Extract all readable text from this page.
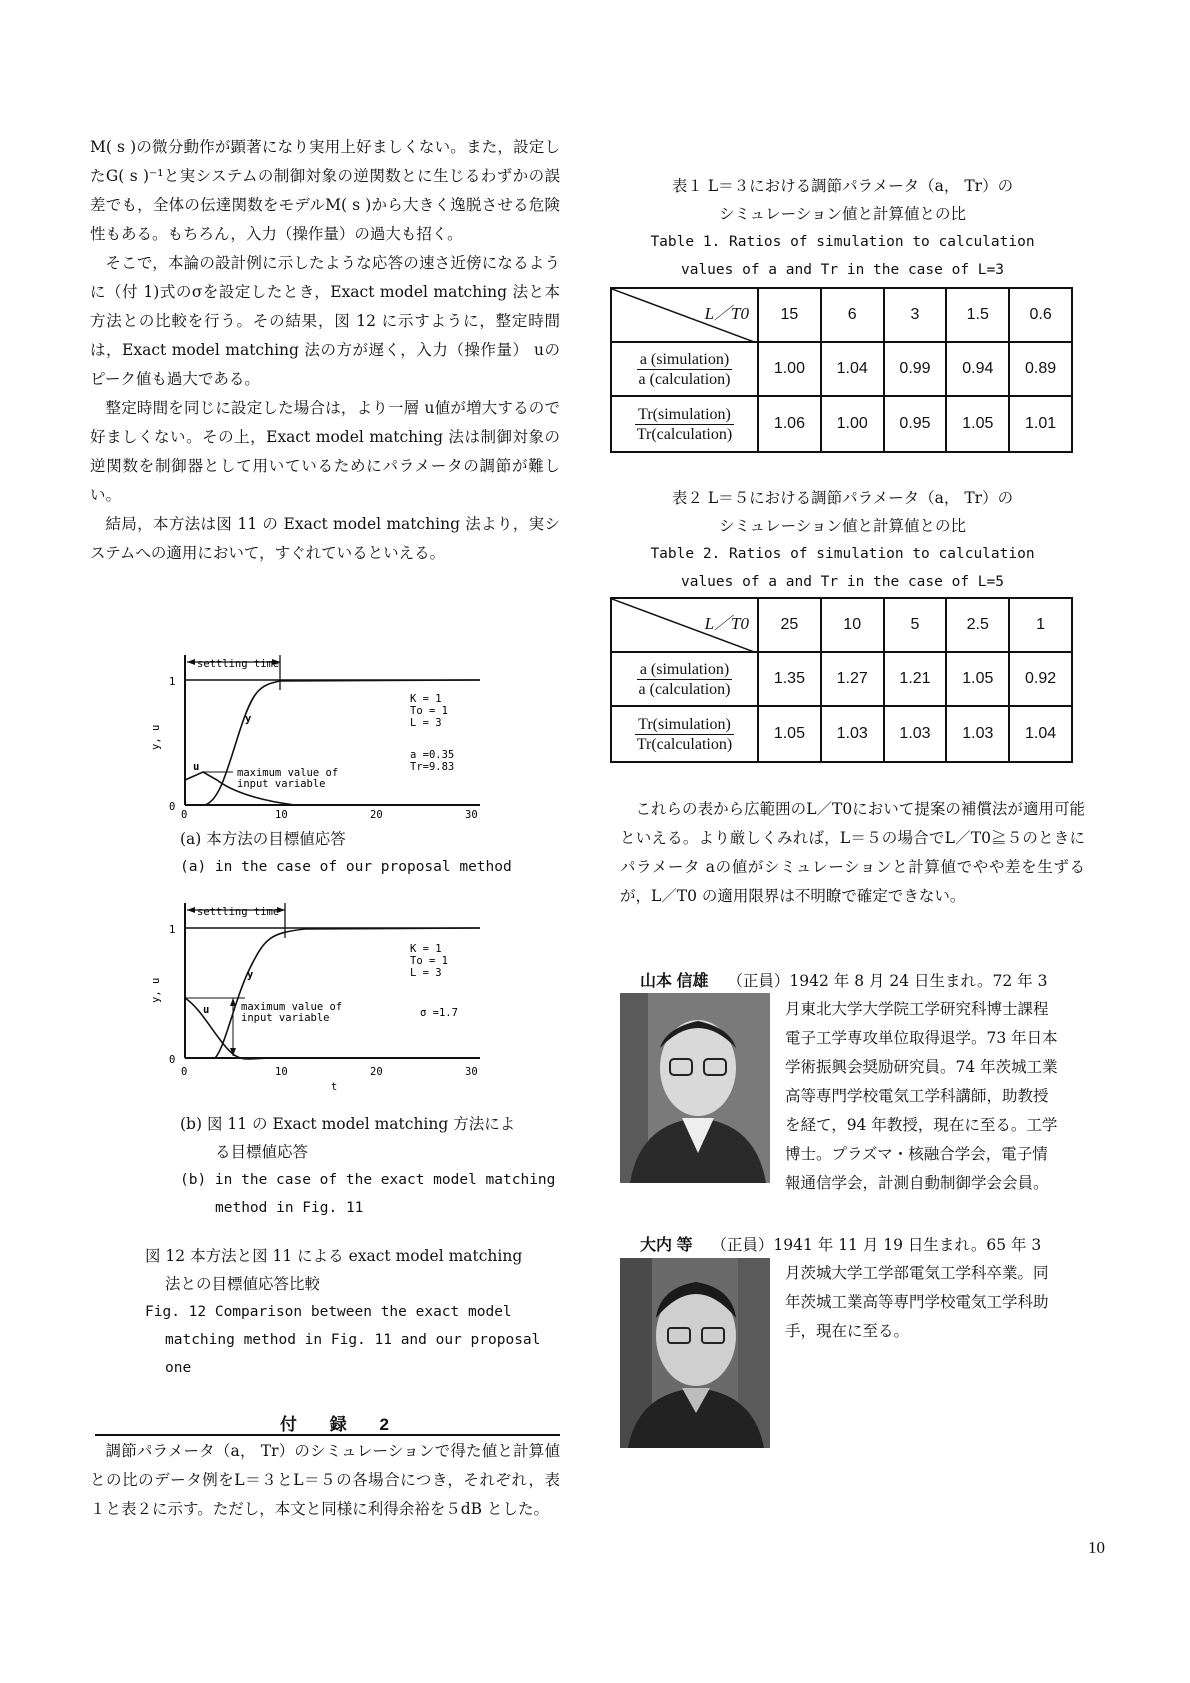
M( s )の微分動作が顕著になり実用上好ましくない。また，設定したG( s )⁻¹と実システムの制御対象の逆関数とに生じるわずかの誤差でも，全体の伝達関数をモデルM( s )から大きく逸脱させる危険性もある。もちろん，入力（操作量）の過大も招く。

そこで，本論の設計例に示したような応答の速さ近傍になるように（付 1)式のσを設定したとき，Exact model matching 法と本方法との比較を行う。その結果，図 12 に示すように，整定時間は，Exact model matching 法の方が遅く，入力（操作量） uのピーク値も過大である。

整定時間を同じに設定した場合は，より一層 u値が増大するので好ましくない。その上，Exact model matching 法は制御対象の逆関数を制御器として用いているためにパラメータの調節が難しい。

結局，本方法は図 11 の Exact model matching 法より，実システムへの適用において，すぐれているといえる。

settling time
1
0
y, u
y
u	maximum value of
input variable
K = 1
To = 1
L = 3
a =0.35
Tr=9.83
0	10	20	30

(a) 本方法の目標値応答

(a) in the case of our proposal method

settling time
1
0
y, u
y
u	maximum value of
input variable
K = 1
To = 1
L = 3
σ =1.7
0	10	20	30
t

(b) 図 11 の Exact model matching 方法によ

る目標値応答

(b) in the case of the exact model matching

method in Fig. 11

図 12 本方法と図 11 による exact model matching

法との目標値応答比較

Fig. 12 Comparison between the exact model

matching method in Fig. 11 and our proposal one

付 録 2

調節パラメータ（a， Tr）のシミュレーションで得た値と計算値との比のデータ例をL＝３とL＝５の各場合につき，それぞれ，表１と表２に示す。ただし，本文と同様に利得余裕を５dB とした。

表１ L＝３における調節パラメータ（a， Tr）の

シミュレーション値と計算値との比

Table 1. Ratios of simulation to calculation

values of a and Tr in the case of L=3

L／T0	15	6	3	1.5	0.6

$\frac{\text{a (simulation)}}{\text{a (calculation)}}$	1.00	1.04	0.99	0.94	0.89

$\frac{\text{Tr(simulation)}}{\text{Tr(calculation)}}$	1.06	1.00	0.95	1.05	1.01

表２ L＝５における調節パラメータ（a， Tr）の

シミュレーション値と計算値との比

Table 2. Ratios of simulation to calculation

values of a and Tr in the case of L=5

L／T0	25	10	5	2.5	1

$\frac{\text{a (simulation)}}{\text{a (calculation)}}$	1.35	1.27	1.21	1.05	0.92

$\frac{\text{Tr(simulation)}}{\text{Tr(calculation)}}$	1.05	1.03	1.03	1.03	1.04

これらの表から広範囲のL／T0において提案の補償法が適用可能といえる。より厳しくみれば，L＝５の場合でL／T0≧５のときにパラメータ aの値がシミュレーションと計算値でやや差を生ずるが，L／T0 の適用限界は不明瞭で確定できない。

山本 信雄 （正員）1942 年 8 月 24 日生まれ。72 年 3

月東北大学大学院工学研究科博士課程

電子工学専攻単位取得退学。73 年日本

学術振興会奨励研究員。74 年茨城工業

高等専門学校電気工学科講師，助教授

を経て，94 年教授，現在に至る。工学

博士。プラズマ・核融合学会，電子情

報通信学会，計測自動制御学会会員。

大内 等 （正員）1941 年 11 月 19 日生まれ。65 年 3

月茨城大学工学部電気工学科卒業。同

年茨城工業高等専門学校電気工学科助

手，現在に至る。

10
